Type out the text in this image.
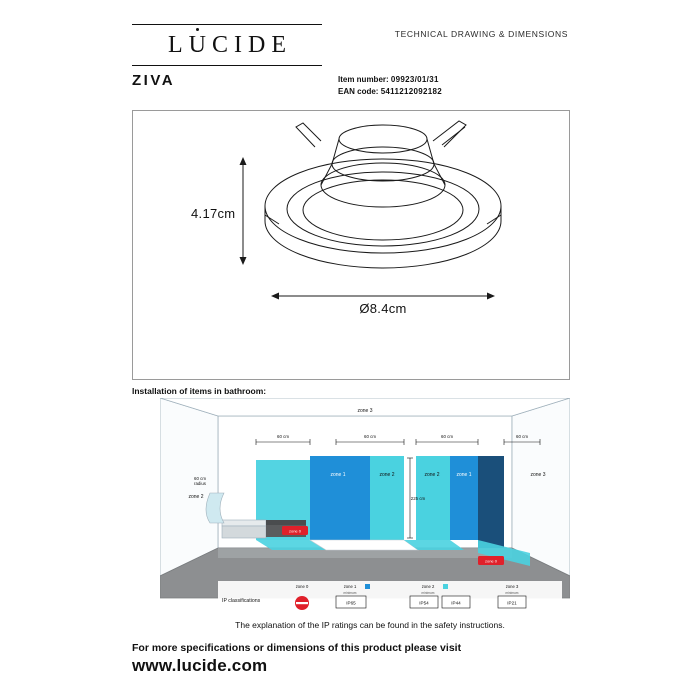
LUCIDE	TECHNICAL DRAWING & DIMENSIONS
ZIVA	Item number: 09923/01/31
EAN code: 5411212092182
4.17cm
Ø8.4cm
Installation of items in bathroom:
zone 0
zone 0
zone 3
zone 1	zone 2	zone 2	zone 1	zone 3
zone 2
60 cm	60 cm	60 cm	60 cm
225 cm
60 cm
radius
IP classifications
zone 0	zone 1
minimum
IP65
zone 2
minimum
IP54	IP44
zone 3
minimum
IP21
The explanation of the IP ratings can be found in the safety instructions.
For more specifications or dimensions of this product please visit
www.lucide.com
